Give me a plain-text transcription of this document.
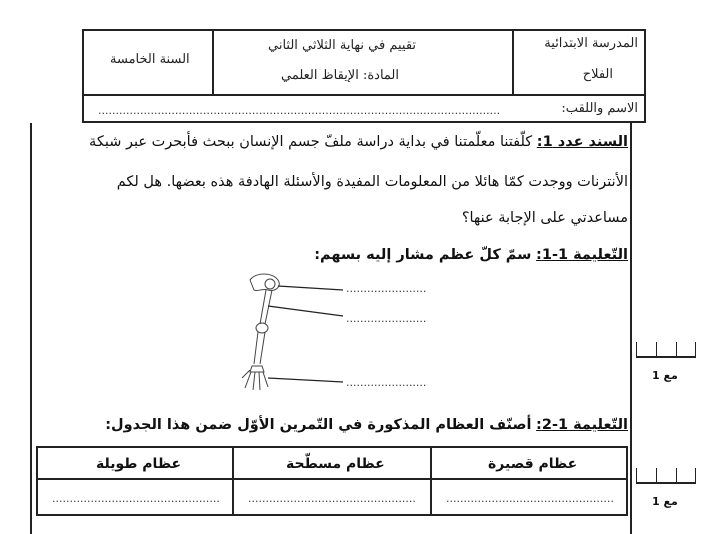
المدرسة الابتدائية
الفلاح
تقييم في نهاية الثلاثي الثاني
المادة: الإيقاظ العلمي
السنة الخامسة
الاسم واللقب:
...................................................................................................................
السند عدد 1: كلّفتنا معلّمتنا في بداية دراسة ملفّ جسم الإنسان ببحث فأبحرت عبر شبكة
الأنترنات ووجدت كمّا هائلا من المعلومات المفيدة والأسئلة الهادفة هذه بعضها. هل لكم
مساعدتي على الإجابة عنها؟
التّعليمة 1-1: سمّ كلّ عظم مشار إليه بسهم:
.......................
.......................
.......................
مع 1
التّعليمة 1-2: أصنّف العظام المذكورة في التّمرين الأوّل ضمن هذا الجدول:
عظام قصيرة
عظام مسطّحة
عظام طويلة
................................................
................................................
................................................	مع 1
